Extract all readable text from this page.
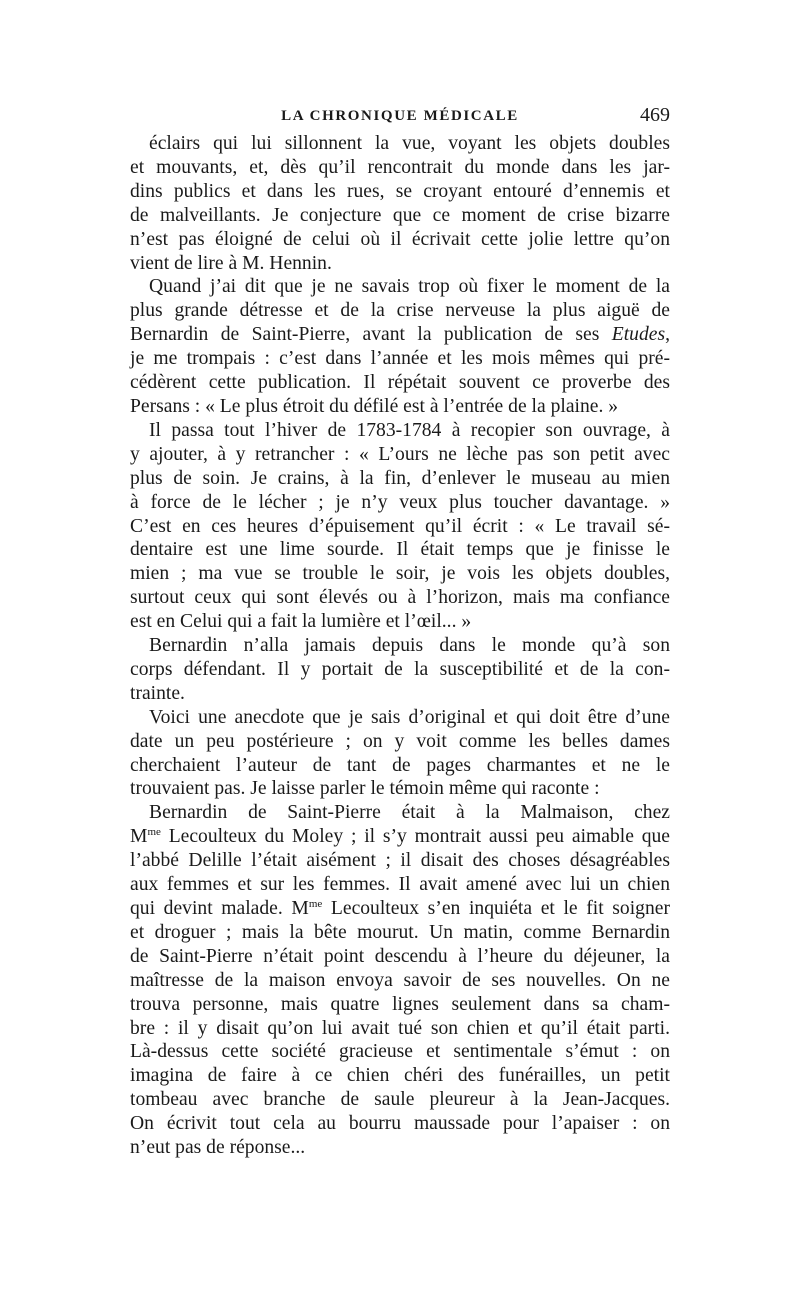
LA CHRONIQUE MÉDICALE	469
éclairs qui lui sillonnent la vue, voyant les objets doubles
et mouvants, et, dès qu’il rencontrait du monde dans les jar-
dins publics et dans les rues, se croyant entouré d’ennemis et
de malveillants. Je conjecture que ce moment de crise bizarre
n’est pas éloigné de celui où il écrivait cette jolie lettre qu’on
vient de lire à M. Hennin.
Quand j’ai dit que je ne savais trop où fixer le moment de la
plus grande détresse et de la crise nerveuse la plus aiguë de
Bernardin de Saint-Pierre, avant la publication de ses Etudes,
je me trompais : c’est dans l’année et les mois mêmes qui pré-
cédèrent cette publication. Il répétait souvent ce proverbe des
Persans : « Le plus étroit du défilé est à l’entrée de la plaine. »
Il passa tout l’hiver de 1783-1784 à recopier son ouvrage, à
y ajouter, à y retrancher : « L’ours ne lèche pas son petit avec
plus de soin. Je crains, à la fin, d’enlever le museau au mien
à force de le lécher ; je n’y veux plus toucher davantage. »
C’est en ces heures d’épuisement qu’il écrit : « Le travail sé-
dentaire est une lime sourde. Il était temps que je finisse le
mien ; ma vue se trouble le soir, je vois les objets doubles,
surtout ceux qui sont élevés ou à l’horizon, mais ma confiance
est en Celui qui a fait la lumière et l’œil... »
Bernardin n’alla jamais depuis dans le monde qu’à son
corps défendant. Il y portait de la susceptibilité et de la con-
trainte.
Voici une anecdote que je sais d’original et qui doit être d’une
date un peu postérieure ; on y voit comme les belles dames
cherchaient l’auteur de tant de pages charmantes et ne le
trouvaient pas. Je laisse parler le témoin même qui raconte :
Bernardin de Saint-Pierre était à la Malmaison, chez
$M^{me}$ Lecoulteux du Moley ; il s’y montrait aussi peu aimable que
l’abbé Delille l’était aisément ; il disait des choses désagréables
aux femmes et sur les femmes. Il avait amené avec lui un chien
qui devint malade. $M^{me}$ Lecoulteux s’en inquiéta et le fit soigner
et droguer ; mais la bête mourut. Un matin, comme Bernardin
de Saint-Pierre n’était point descendu à l’heure du déjeuner, la
maîtresse de la maison envoya savoir de ses nouvelles. On ne
trouva personne, mais quatre lignes seulement dans sa cham-
bre : il y disait qu’on lui avait tué son chien et qu’il était parti.
Là-dessus cette société gracieuse et sentimentale s’émut : on
imagina de faire à ce chien chéri des funérailles, un petit
tombeau avec branche de saule pleureur à la Jean-Jacques.
On écrivit tout cela au bourru maussade pour l’apaiser : on
n’eut pas de réponse...
